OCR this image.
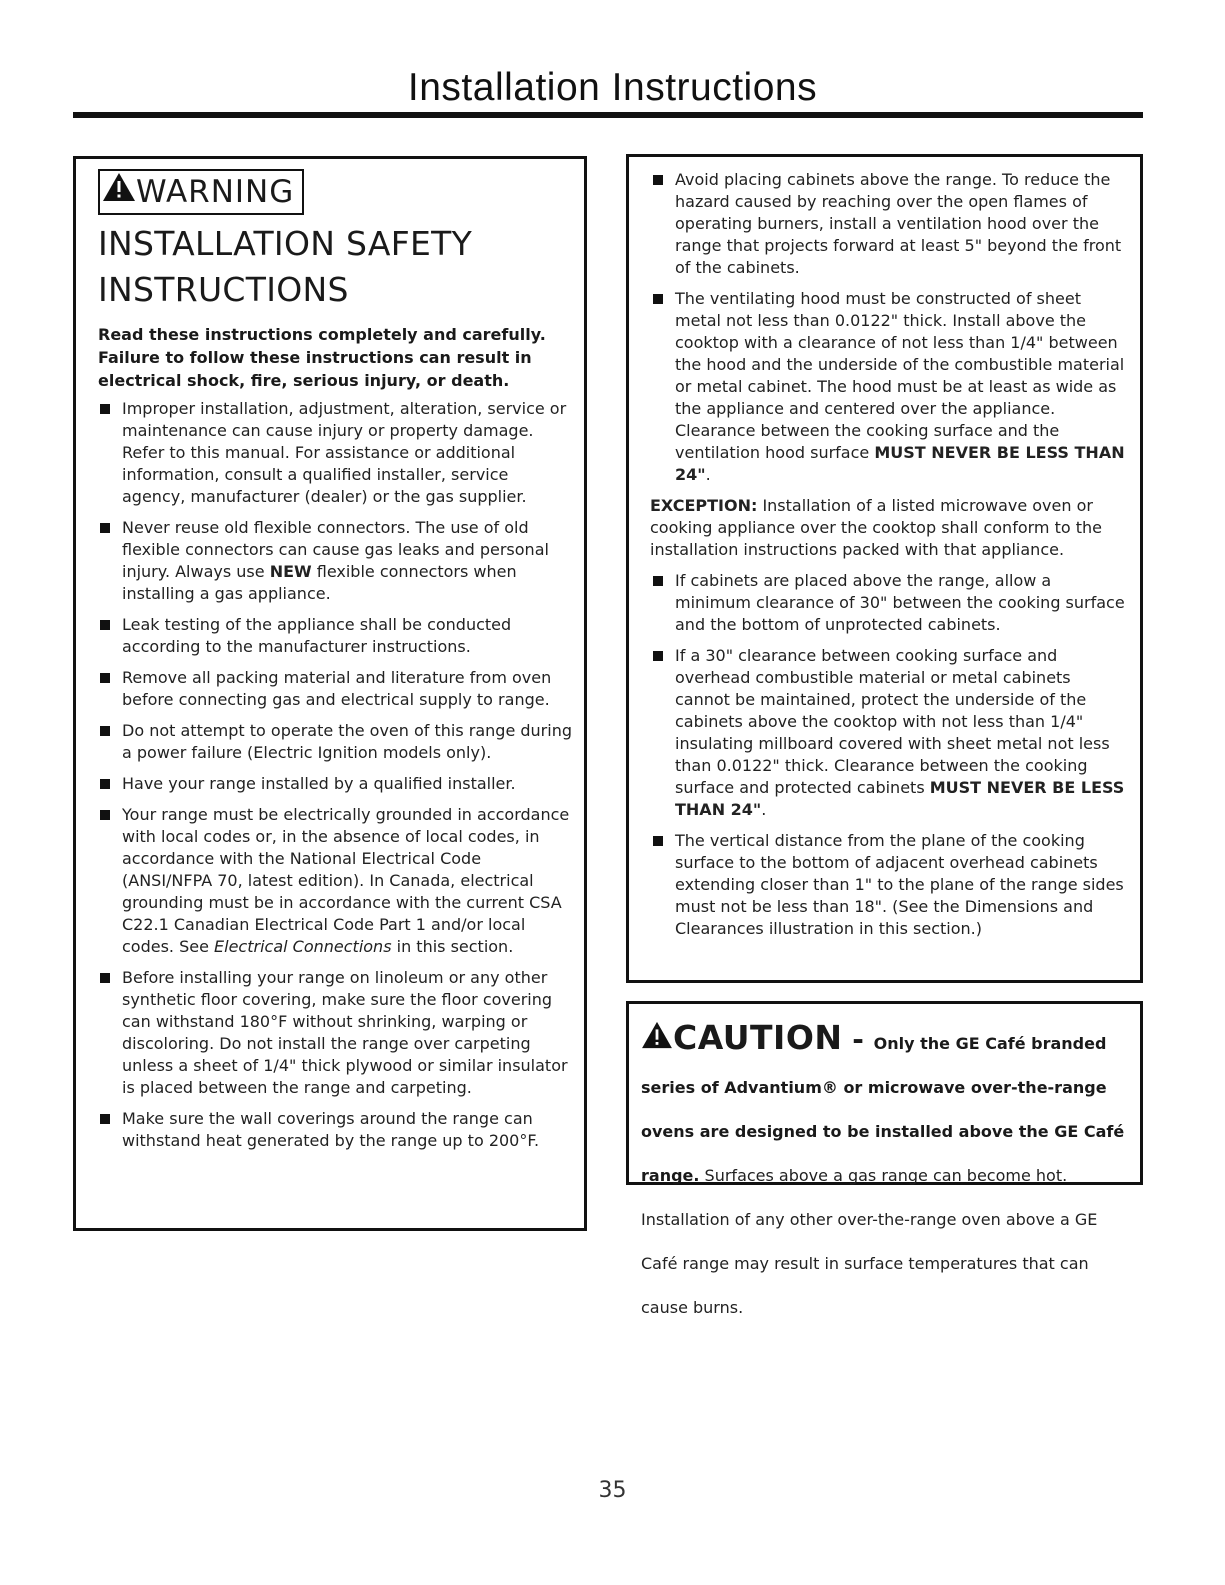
Installation Instructions
WARNING
INSTALLATION SAFETY
INSTRUCTIONS

Read these instructions completely and carefully. Failure to follow these instructions can result in electrical shock, fire, serious injury, or death.

Improper installation, adjustment, alteration, service or maintenance can cause injury or property damage. Refer to this manual. For assistance or additional information, consult a qualified installer, service agency, manufacturer (dealer) or the gas supplier.
Never reuse old flexible connectors. The use of old flexible connectors can cause gas leaks and personal injury. Always use NEW flexible connectors when installing a gas appliance.
Leak testing of the appliance shall be conducted according to the manufacturer instructions.
Remove all packing material and literature from oven before connecting gas and electrical supply to range.
Do not attempt to operate the oven of this range during a power failure (Electric Ignition models only).
Have your range installed by a qualified installer.
Your range must be electrically grounded in accordance with local codes or, in the absence of local codes, in accordance with the National Electrical Code (ANSI/NFPA 70, latest edition). In Canada, electrical grounding must be in accordance with the current CSA C22.1 Canadian Electrical Code Part 1 and/or local codes. See Electrical Connections in this section.
Before installing your range on linoleum or any other synthetic floor covering, make sure the floor covering can withstand 180°F without shrinking, warping or discoloring. Do not install the range over carpeting unless a sheet of 1/4" thick plywood or similar insulator is placed between the range and carpeting.
Make sure the wall coverings around the range can withstand heat generated by the range up to 200°F.
Avoid placing cabinets above the range. To reduce the hazard caused by reaching over the open flames of operating burners, install a ventilation hood over the range that projects forward at least 5" beyond the front of the cabinets.
The ventilating hood must be constructed of sheet metal not less than 0.0122" thick. Install above the cooktop with a clearance of not less than 1/4" between the hood and the underside of the combustible material or metal cabinet. The hood must be at least as wide as the appliance and centered over the appliance. Clearance between the cooking surface and the ventilation hood surface MUST NEVER BE LESS THAN 24".
EXCEPTION: Installation of a listed microwave oven or cooking appliance over the cooktop shall conform to the installation instructions packed with that appliance.
If cabinets are placed above the range, allow a minimum clearance of 30" between the cooking surface and the bottom of unprotected cabinets.
If a 30" clearance between cooking surface and overhead combustible material or metal cabinets cannot be maintained, protect the underside of the cabinets above the cooktop with not less than 1/4" insulating millboard covered with sheet metal not less than 0.0122" thick. Clearance between the cooking surface and protected cabinets MUST NEVER BE LESS THAN 24".
The vertical distance from the plane of the cooking surface to the bottom of adjacent overhead cabinets extending closer than 1" to the plane of the range sides must not be less than 18". (See the Dimensions and Clearances illustration in this section.)
CAUTION - Only the GE Café branded series of Advantium® or microwave over-the-range ovens are designed to be installed above the GE Café range. Surfaces above a gas range can become hot. Installation of any other over-the-range oven above a GE Café range may result in surface temperatures that can cause burns.
35
